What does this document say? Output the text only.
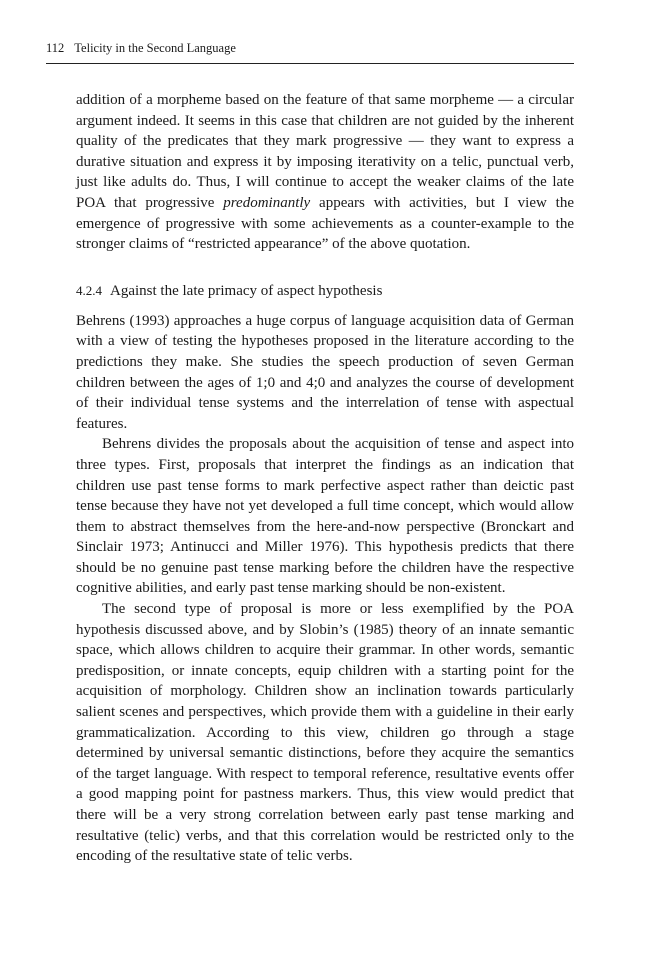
112 Telicity in the Second Language

addition of a morpheme based on the feature of that same morpheme — a circular argument indeed. It seems in this case that children are not guided by the inherent quality of the predicates that they mark progressive — they want to express a durative situation and express it by imposing iterativity on a telic, punctual verb, just like adults do. Thus, I will continue to accept the weaker claims of the late POA that progressive predominantly appears with activities, but I view the emergence of progressive with some achievements as a counter-example to the stronger claims of “restricted appearance” of the above quotation.

4.2.4 Against the late primacy of aspect hypothesis

Behrens (1993) approaches a huge corpus of language acquisition data of German with a view of testing the hypotheses proposed in the literature according to the predictions they make. She studies the speech production of seven German children between the ages of 1;0 and 4;0 and analyzes the course of development of their individual tense systems and the interrelation of tense with aspectual features.

Behrens divides the proposals about the acquisition of tense and aspect into three types. First, proposals that interpret the findings as an indication that children use past tense forms to mark perfective aspect rather than deictic past tense because they have not yet developed a full time concept, which would allow them to abstract themselves from the here-and-now perspective (Bronckart and Sinclair 1973; Antinucci and Miller 1976). This hypothesis predicts that there should be no genuine past tense marking before the children have the respective cognitive abilities, and early past tense marking should be non-existent.

The second type of proposal is more or less exemplified by the POA hypothesis discussed above, and by Slobin’s (1985) theory of an innate semantic space, which allows children to acquire their grammar. In other words, semantic predisposition, or innate concepts, equip children with a starting point for the acquisition of morphology. Children show an inclination towards particularly salient scenes and perspectives, which provide them with a guideline in their early grammaticalization. According to this view, children go through a stage determined by universal semantic distinctions, before they acquire the semantics of the target language. With respect to temporal reference, resultative events offer a good mapping point for pastness markers. Thus, this view would predict that there will be a very strong correlation between early past tense marking and resultative (telic) verbs, and that this correlation would be restricted only to the encoding of the resultative state of telic verbs.
